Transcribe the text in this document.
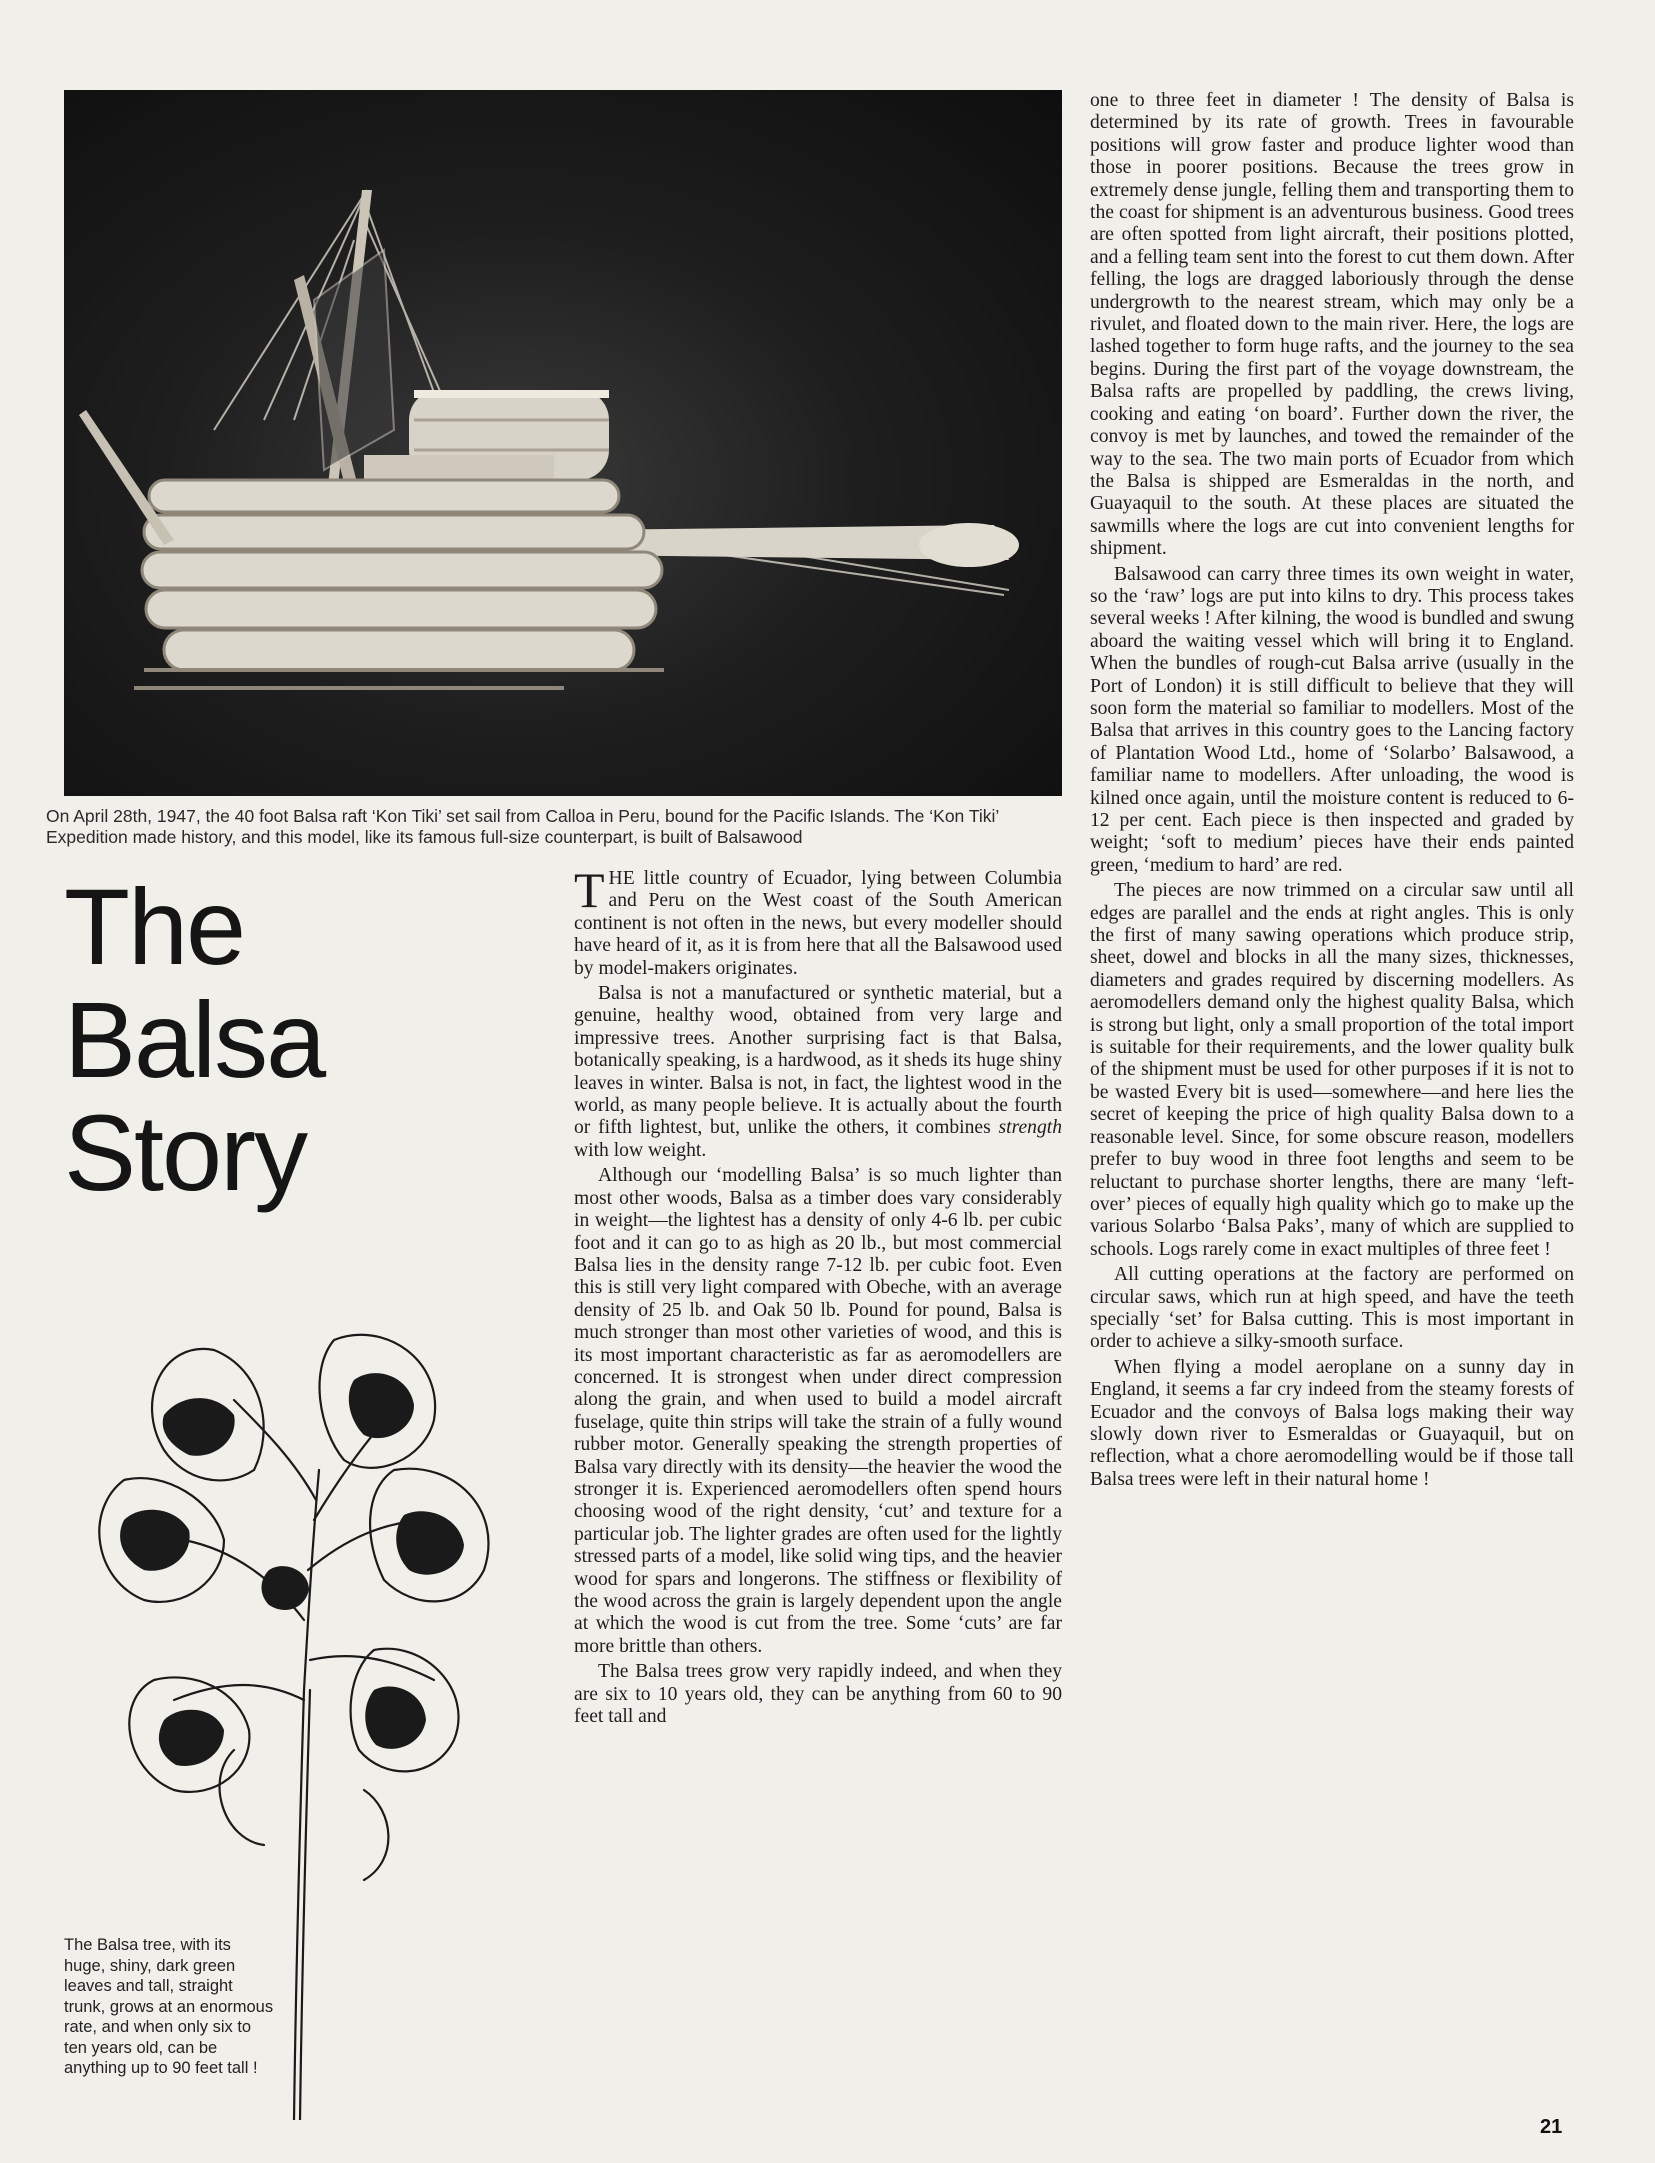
On April 28th, 1947, the 40 foot Balsa raft ‘Kon Tiki’ set sail from Calloa in Peru, bound for the Pacific Islands. The ‘Kon Tiki’ Expedition made history, and this model, like its famous full-size counterpart, is built of Balsawood
The
Balsa
Story
The Balsa tree, with its huge, shiny, dark green leaves and tall, straight trunk, grows at an enormous rate, and when only six to ten years old, can be anything up to 90 feet tall !

THE little country of Ecuador, lying between Columbia and Peru on the West coast of the South American continent is not often in the news, but every modeller should have heard of it, as it is from here that all the Balsawood used by model-makers originates.

Balsa is not a manufactured or synthetic material, but a genuine, healthy wood, obtained from very large and impressive trees. Another surprising fact is that Balsa, botanically speaking, is a hardwood, as it sheds its huge shiny leaves in winter. Balsa is not, in fact, the lightest wood in the world, as many people believe. It is actually about the fourth or fifth lightest, but, unlike the others, it combines strength with low weight.

Although our ‘modelling Balsa’ is so much lighter than most other woods, Balsa as a timber does vary considerably in weight—the lightest has a density of only 4-6 lb. per cubic foot and it can go to as high as 20 lb., but most commercial Balsa lies in the density range 7-12 lb. per cubic foot. Even this is still very light compared with Obeche, with an average density of 25 lb. and Oak 50 lb. Pound for pound, Balsa is much stronger than most other varieties of wood, and this is its most important characteristic as far as aeromodellers are concerned. It is strongest when under direct compression along the grain, and when used to build a model aircraft fuselage, quite thin strips will take the strain of a fully wound rubber motor. Generally speaking the strength properties of Balsa vary directly with its density—the heavier the wood the stronger it is. Experienced aeromodellers often spend hours choosing wood of the right density, ‘cut’ and texture for a particular job. The lighter grades are often used for the lightly stressed parts of a model, like solid wing tips, and the heavier wood for spars and longerons. The stiffness or flexibility of the wood across the grain is largely dependent upon the angle at which the wood is cut from the tree. Some ‘cuts’ are far more brittle than others.

The Balsa trees grow very rapidly indeed, and when they are six to 10 years old, they can be anything from 60 to 90 feet tall and

one to three feet in diameter ! The density of Balsa is determined by its rate of growth. Trees in favourable positions will grow faster and produce lighter wood than those in poorer positions. Because the trees grow in extremely dense jungle, felling them and transporting them to the coast for shipment is an adventurous business. Good trees are often spotted from light aircraft, their positions plotted, and a felling team sent into the forest to cut them down. After felling, the logs are dragged laboriously through the dense undergrowth to the nearest stream, which may only be a rivulet, and floated down to the main river. Here, the logs are lashed together to form huge rafts, and the journey to the sea begins. During the first part of the voyage downstream, the Balsa rafts are propelled by paddling, the crews living, cooking and eating ‘on board’. Further down the river, the convoy is met by launches, and towed the remainder of the way to the sea. The two main ports of Ecuador from which the Balsa is shipped are Esmeraldas in the north, and Guayaquil to the south. At these places are situated the sawmills where the logs are cut into convenient lengths for shipment.

Balsawood can carry three times its own weight in water, so the ‘raw’ logs are put into kilns to dry. This process takes several weeks ! After kilning, the wood is bundled and swung aboard the waiting vessel which will bring it to England. When the bundles of rough-cut Balsa arrive (usually in the Port of London) it is still difficult to believe that they will soon form the material so familiar to modellers. Most of the Balsa that arrives in this country goes to the Lancing factory of Plantation Wood Ltd., home of ‘Solarbo’ Balsawood, a familiar name to modellers. After unloading, the wood is kilned once again, until the moisture content is reduced to 6-12 per cent. Each piece is then inspected and graded by weight; ‘soft to medium’ pieces have their ends painted green, ‘medium to hard’ are red.

The pieces are now trimmed on a circular saw until all edges are parallel and the ends at right angles. This is only the first of many sawing operations which produce strip, sheet, dowel and blocks in all the many sizes, thicknesses, diameters and grades required by discerning modellers. As aeromodellers demand only the highest quality Balsa, which is strong but light, only a small proportion of the total import is suitable for their requirements, and the lower quality bulk of the shipment must be used for other purposes if it is not to be wasted Every bit is used—somewhere—and here lies the secret of keeping the price of high quality Balsa down to a reasonable level. Since, for some obscure reason, modellers prefer to buy wood in three foot lengths and seem to be reluctant to purchase shorter lengths, there are many ‘left-over’ pieces of equally high quality which go to make up the various Solarbo ‘Balsa Paks’, many of which are supplied to schools. Logs rarely come in exact multiples of three feet !

All cutting operations at the factory are performed on circular saws, which run at high speed, and have the teeth specially ‘set’ for Balsa cutting. This is most important in order to achieve a silky-smooth surface.

When flying a model aeroplane on a sunny day in England, it seems a far cry indeed from the steamy forests of Ecuador and the convoys of Balsa logs making their way slowly down river to Esmeraldas or Guayaquil, but on reflection, what a chore aeromodelling would be if those tall Balsa trees were left in their natural home !

21
